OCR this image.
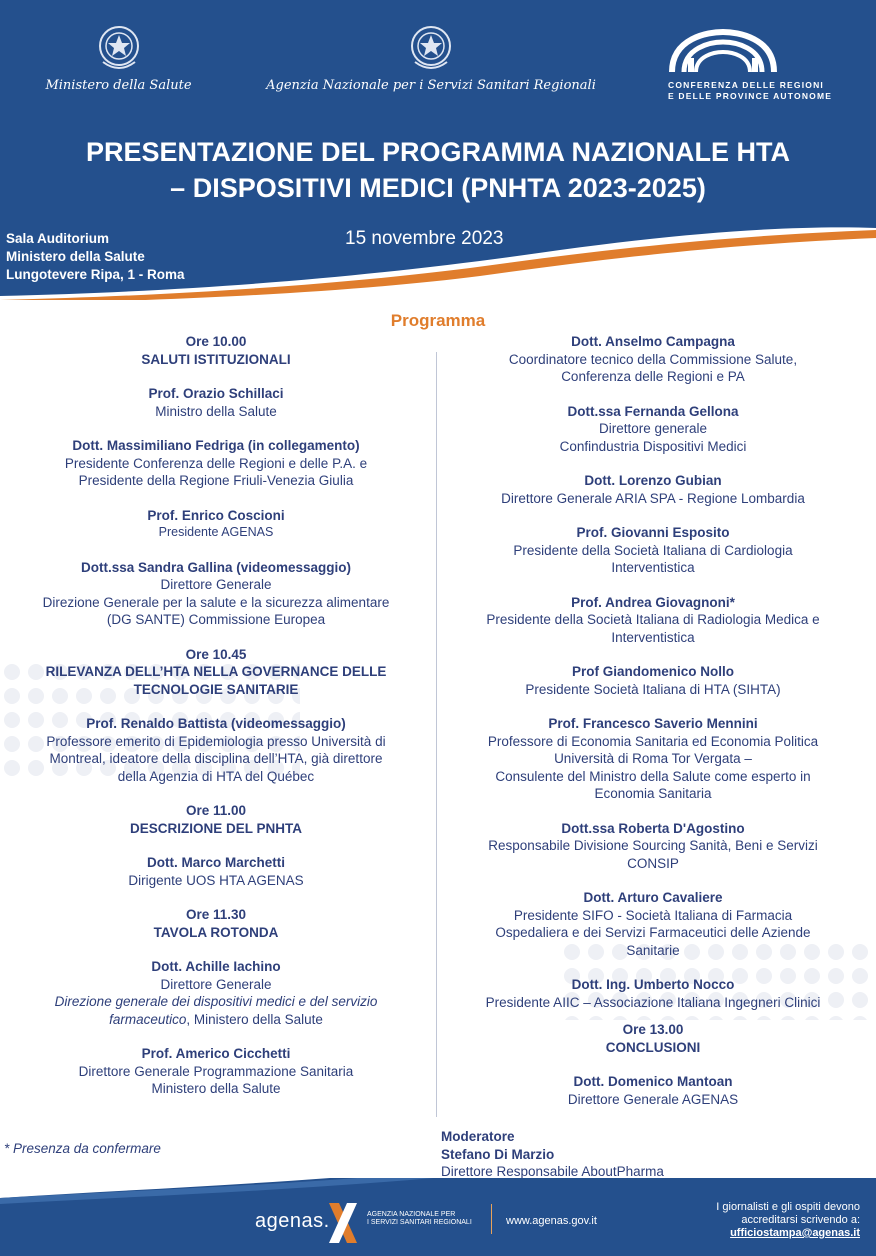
Ministero della Salute	Agenzia Nazionale per i Servizi Sanitari Regionali	CONFERENZA DELLE REGIONI
E DELLE PROVINCE AUTONOME
PRESENTAZIONE DEL PROGRAMMA NAZIONALE HTA
– DISPOSITIVI MEDICI (PNHTA 2023-2025)
Sala Auditorium
Ministero della Salute
Lungotevere Ripa, 1 - Roma
15 novembre 2023
Programma
Ore 10.00
SALUTI ISTITUZIONALI
Prof. Orazio Schillaci
Ministro della Salute
Dott. Massimiliano Fedriga (in collegamento)
Presidente Conferenza delle Regioni e delle P.A. e
Presidente della Regione Friuli-Venezia Giulia
Prof. Enrico Coscioni
Presidente AGENAS
Dott.ssa Sandra Gallina (videomessaggio)
Direttore Generale
Direzione Generale per la salute e la sicurezza alimentare
(DG SANTE) Commissione Europea
Ore 10.45
RILEVANZA DELL’HTA NELLA GOVERNANCE DELLE
TECNOLOGIE SANITARIE
Prof. Renaldo Battista (videomessaggio)
Professore emerito di Epidemiologia presso Università di
Montreal, ideatore della disciplina dell’HTA, già direttore
della Agenzia di HTA del Québec
Ore 11.00
DESCRIZIONE DEL PNHTA
Dott. Marco Marchetti
Dirigente UOS HTA AGENAS
Ore 11.30
TAVOLA ROTONDA
Dott. Achille Iachino
Direttore Generale
Direzione generale dei dispositivi medici e del servizio
farmaceutico, Ministero della Salute
Prof. Americo Cicchetti
Direttore Generale Programmazione Sanitaria
Ministero della Salute
Dott. Anselmo Campagna
Coordinatore tecnico della Commissione Salute,
Conferenza delle Regioni e PA
Dott.ssa Fernanda Gellona
Direttore generale
Confindustria Dispositivi Medici
Dott. Lorenzo Gubian
Direttore Generale ARIA SPA - Regione Lombardia
Prof. Giovanni Esposito
Presidente della Società Italiana di Cardiologia
Interventistica
Prof. Andrea Giovagnoni*
Presidente della Società Italiana di Radiologia Medica e
Interventistica
Prof Giandomenico Nollo
Presidente Società Italiana di HTA (SIHTA)
Prof. Francesco Saverio Mennini
Professore di Economia Sanitaria ed Economia Politica
Università di Roma Tor Vergata –
Consulente del Ministro della Salute come esperto in
Economia Sanitaria
Dott.ssa Roberta D'Agostino
Responsabile Divisione Sourcing Sanità, Beni e Servizi
CONSIP
Dott. Arturo Cavaliere
Presidente SIFO - Società Italiana di Farmacia
Ospedaliera e dei Servizi Farmaceutici delle Aziende
Sanitarie
Dott. Ing. Umberto Nocco
Presidente AIIC – Associazione Italiana Ingegneri Clinici
Ore 13.00
CONCLUSIONI
Dott. Domenico Mantoan
Direttore Generale AGENAS
Moderatore
Stefano Di Marzio
Direttore Responsabile AboutPharma
* Presenza da confermare
agenas.	AGENZIA NAZIONALE PER
I SERVIZI SANITARI REGIONALI	www.agenas.gov.it
I giornalisti e gli ospiti devono
accreditarsi scrivendo a:
ufficiostampa@agenas.it
